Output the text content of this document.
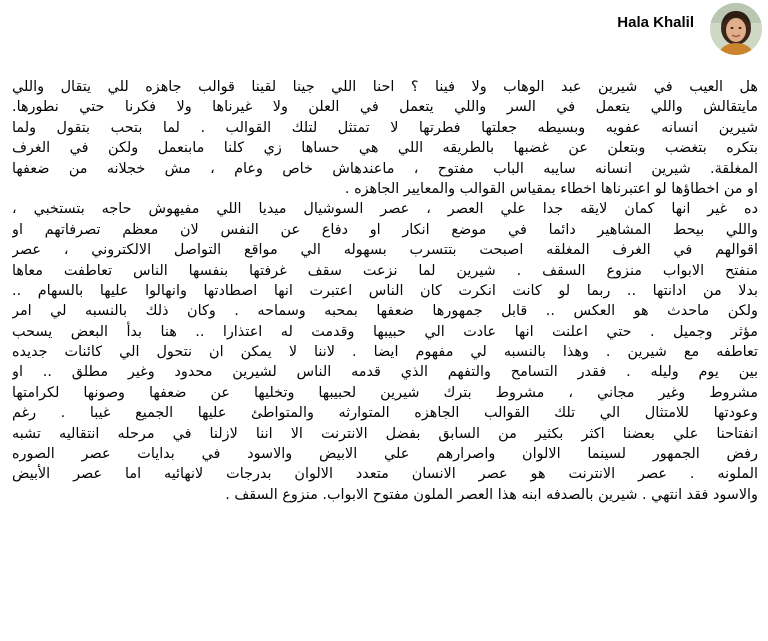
Hala Khalil
هل العيب في شيرين عبد الوهاب ولا فينا ؟ احنا اللي جينا لقينا قوالب جاهزه للي يتقال واللي
مايتقالش واللي يتعمل في السر واللي يتعمل في العلن ولا غيرناها ولا فكرنا حتي نطورها.
شيرين انسانه عفويه وبسيطه جعلتها فطرتها لا تمتثل لتلك القوالب . لما بتحب بتقول ولما
بتكره بتغضب وبتعلن عن غضبها بالطريقه اللي هي حساها زي كلنا مابنعمل ولكن في الغرف
المغلقة. شيرين انسانه سايبه الباب مفتوح ، ماعندهاش خاص وعام ، مش خجلانه من ضعفها
او من اخطاؤها لو اعتبرناها اخطاء بمقياس القوالب والمعايير الجاهزه .
ده غير انها كمان لايقه جدا علي العصر ، عصر السوشيال ميديا اللي مفيهوش حاجه بتستخبي ،
واللي بيحط المشاهير دائما في موضع انكار او دفاع عن النفس لان معظم تصرفاتهم او
اقوالهم في الغرف المغلقه اصبحت بتتسرب بسهوله الي مواقع التواصل الالكتروني ، عصر
منفتح الابواب منزوع السقف . شيرين لما نزعت سقف غرفتها بنفسها الناس تعاطفت معاها
بدلا من ادانتها .. ربما لو كانت انكرت كان الناس اعتبرت انها اصطادتها وانهالوا عليها بالسهام ..
ولكن ماحدث هو العكس .. قابل جمهورها ضعفها بمحبه وسماحه . وكان ذلك بالنسبه لي امر
مؤثر وجميل . حتي اعلنت انها عادت الي حبيبها وقدمت له اعتذارا .. هنا بدأ البعض يسحب
تعاطفه مع شيرين . وهذا بالنسبه لي مفهوم ايضا . لاننا لا يمكن ان نتحول الي كائنات جديده
بين يوم وليله . فقدر التسامح والتفهم الذي قدمه الناس لشيرين محدود وغير مطلق .. او
مشروط وغير مجاني ، مشروط بترك شيرين لحبيبها وتخليها عن ضعفها وصونها لكرامتها
وعودتها للامتثال الي تلك القوالب الجاهزه المتوارثه والمتواطئ عليها الجميع غيبا . رغم
انفتاحنا علي بعضنا اكثر بكثير من السابق بفضل الانترنت الا اننا لازلنا في مرحله انتقاليه تشبه
رفض الجمهور لسينما الالوان واصرارهم علي الابيض والاسود في بدايات عصر الصوره
الملونه . عصر الانترنت هو عصر الانسان متعدد الالوان بدرجات لانهائيه اما عصر الأبيض
والاسود فقد انتهي . شيرين بالصدفه ابنه هذا العصر الملون مفتوح الابواب. منزوع السقف .
